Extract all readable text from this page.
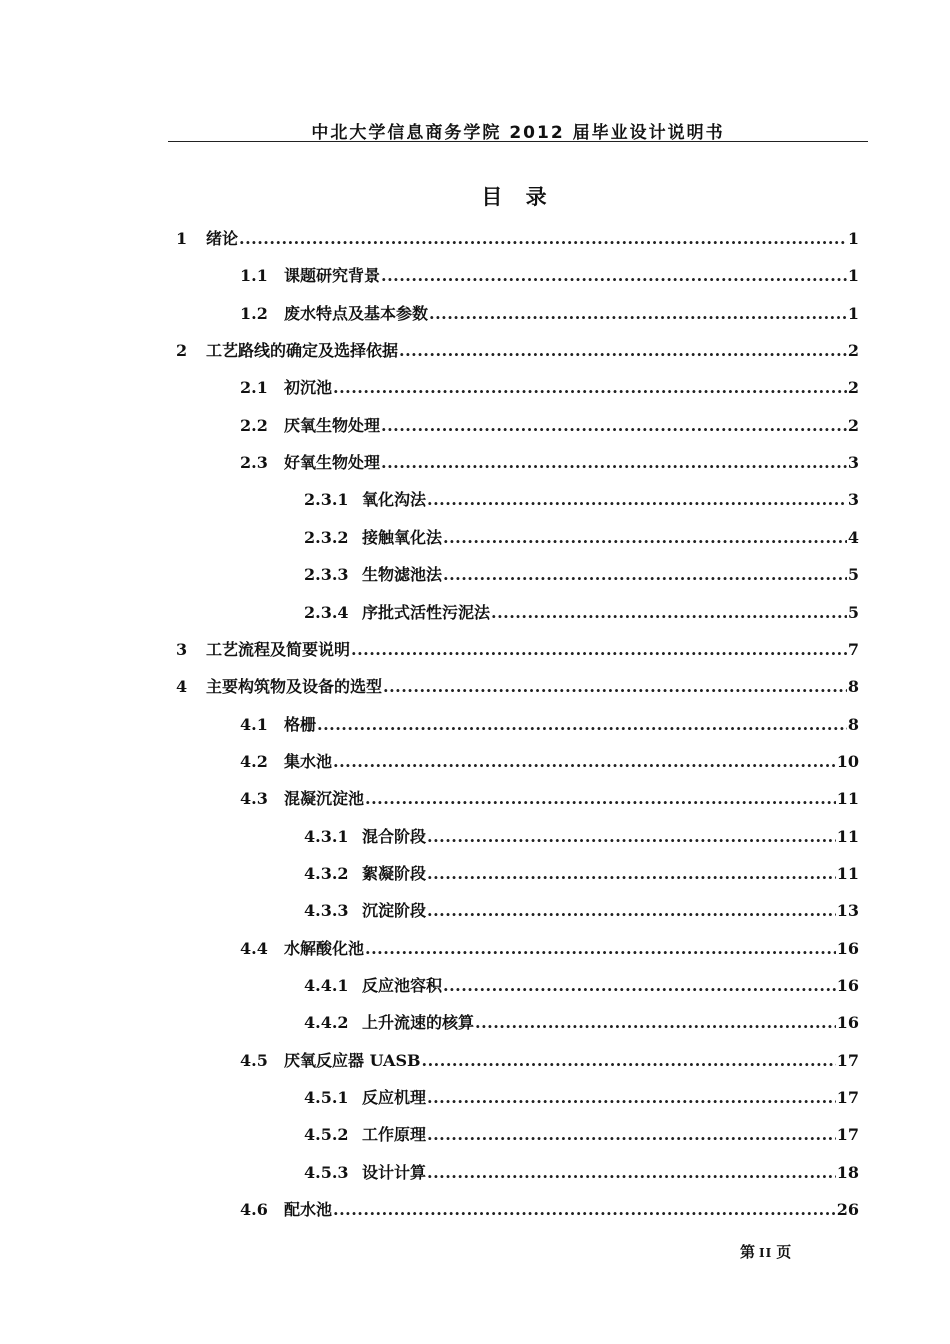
中北大学信息商务学院 2012 届毕业设计说明书
目 录
1	绪论 .....	1
1.1	课题研究背景 .....	1
1.2	废水特点及基本参数 .....	1
2	工艺路线的确定及选择依据 .....	2
2.1	初沉池 .....	2
2.2	厌氧生物处理 .....	2
2.3	好氧生物处理 .....	3
2.3.1 氧化沟法 .....	3
2.3.2 接触氧化法 .....	4
2.3.3 生物滤池法 .....	5
2.3.4 序批式活性污泥法 .....	5
3	工艺流程及简要说明 .....	7
4	主要构筑物及设备的选型 .....	8
4.1	格栅 .....	8
4.2	集水池 .....	10
4.3	混凝沉淀池 .....	11
4.3.1 混合阶段 .....	11
4.3.2 絮凝阶段 .....	11
4.3.3 沉淀阶段 .....	13
4.4	水解酸化池 .....	16
4.4.1 反应池容积 .....	16
4.4.2 上升流速的核算 .....	16
4.5	厌氧反应器 UASB .....	17
4.5.1 反应机理 .....	17
4.5.2 工作原理 .....	17
4.5.3 设计计算 .....	18
4.6	配水池 .....	26
第 II 页
